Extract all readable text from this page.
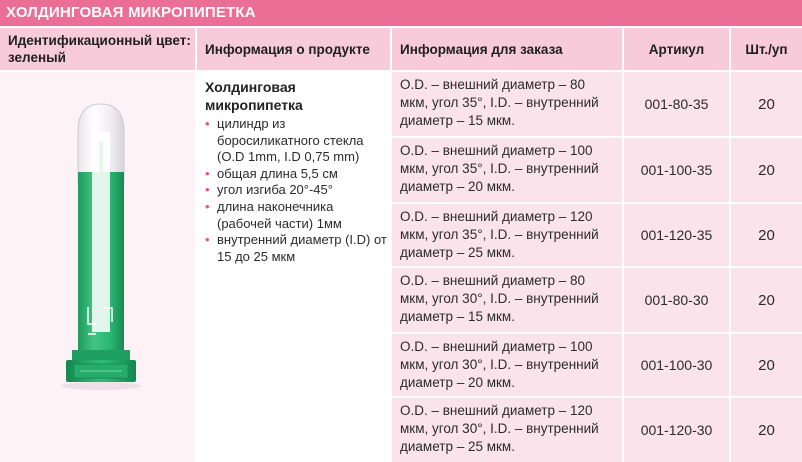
ХОЛДИНГОВАЯ МИКРОПИПЕТКА
Идентификационный цвет: зеленый
Информация о продукте	Информация для заказа	Артикул	Шт./уп
Холдинговая микропипетка
• цилиндр из боросиликатного стекла (O.D 1mm, I.D 0,75 mm)
• общая длина 5,5 см
• угол изгиба 20°-45°
• длина наконечника (рабочей части) 1мм
• внутренний диаметр (I.D) от 15 до 25 мкм
O.D. – внешний диаметр – 80 мкм, угол 35°, I.D. – внутренний диаметр – 15 мкм.
001-80-35	20
O.D. – внешний диаметр – 100 мкм, угол 35°, I.D. – внутренний диаметр – 20 мкм.
001-100-35	20
O.D. – внешний диаметр – 120 мкм, угол 35°, I.D. – внутренний диаметр – 25 мкм.
001-120-35	20
O.D. – внешний диаметр – 80 мкм, угол 30°, I.D. – внутренний диаметр – 15 мкм.
001-80-30	20
O.D. – внешний диаметр – 100 мкм, угол 30°, I.D. – внутренний диаметр – 20 мкм.
001-100-30	20
O.D. – внешний диаметр – 120 мкм, угол 30°, I.D. – внутренний диаметр – 25 мкм.
001-120-30	20
